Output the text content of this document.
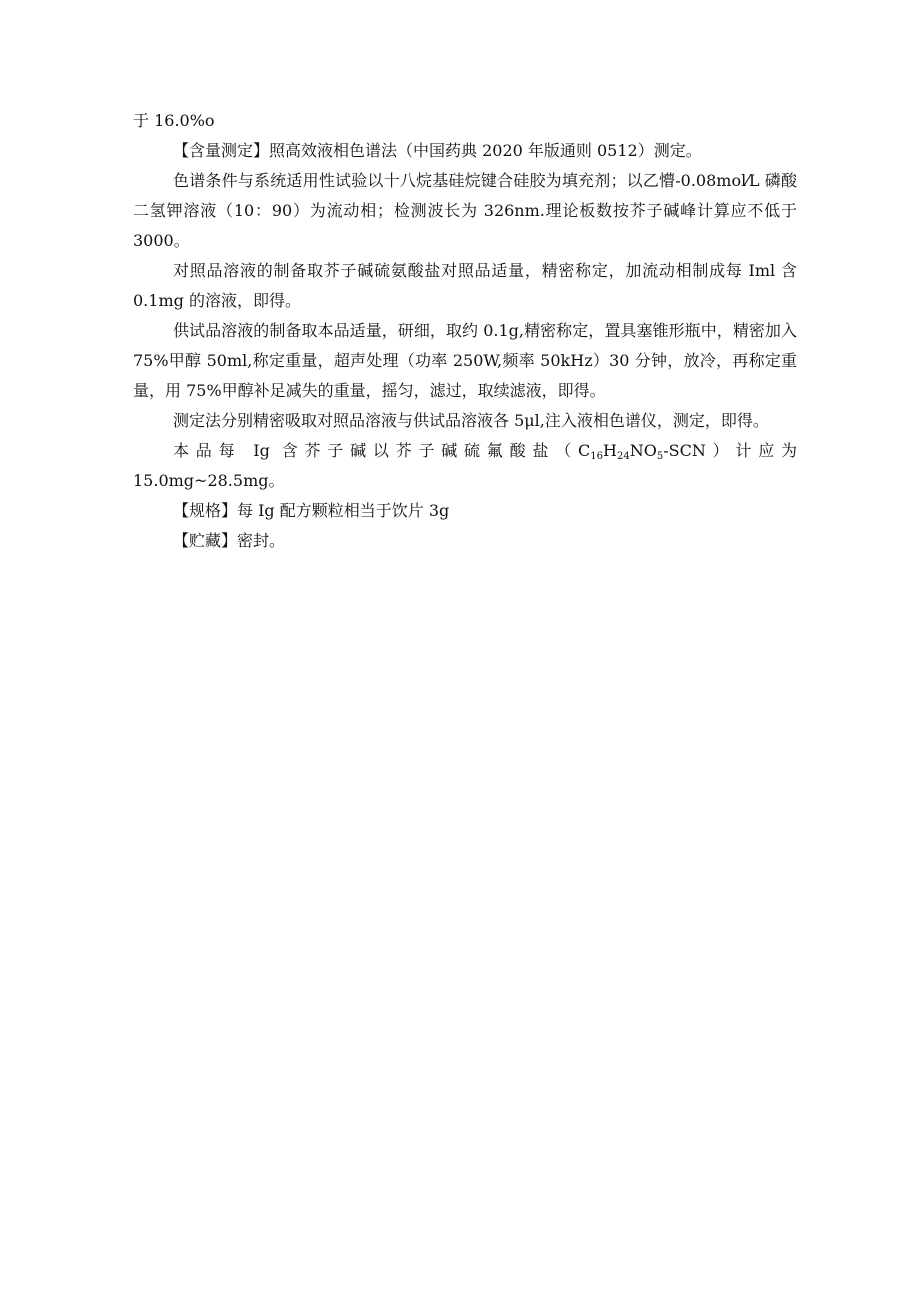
于 16.0%o

【含量测定】照高效液相色谱法（中国药典 2020 年版通则 0512）测定。

色谱条件与系统适用性试验以十八烷基硅烷键合硅胶为填充剂；以乙懵-0.08mol⁄L 磷酸二氢钾溶液（10：90）为流动相；检测波长为 326nm.理论板数按芥子碱峰计算应不低于 3000。

对照品溶液的制备取芥子碱硫氨酸盐对照品适量，精密称定，加流动相制成每 Iml 含 0.1mg 的溶液，即得。

供试品溶液的制备取本品适量，研细，取约 0.1g,精密称定，置具塞锥形瓶中，精密加入 75%甲醇 50ml,称定重量，超声处理（功率 250W,频率 50kHz）30 分钟，放冷，再称定重量，用 75%甲醇补足减失的重量，摇匀，滤过，取续滤液，即得。

测定法分别精密吸取对照品溶液与供试品溶液各 5μl,注入液相色谱仪，测定，即得。

本品每 Ig 含芥子碱以芥子碱硫氟酸盐$(C_{16}H_{24}NO_5-SCN)$计应为 15.0mg~28.5mg。

【规格】每 Ig 配方颗粒相当于饮片 3g

【贮藏】密封。
